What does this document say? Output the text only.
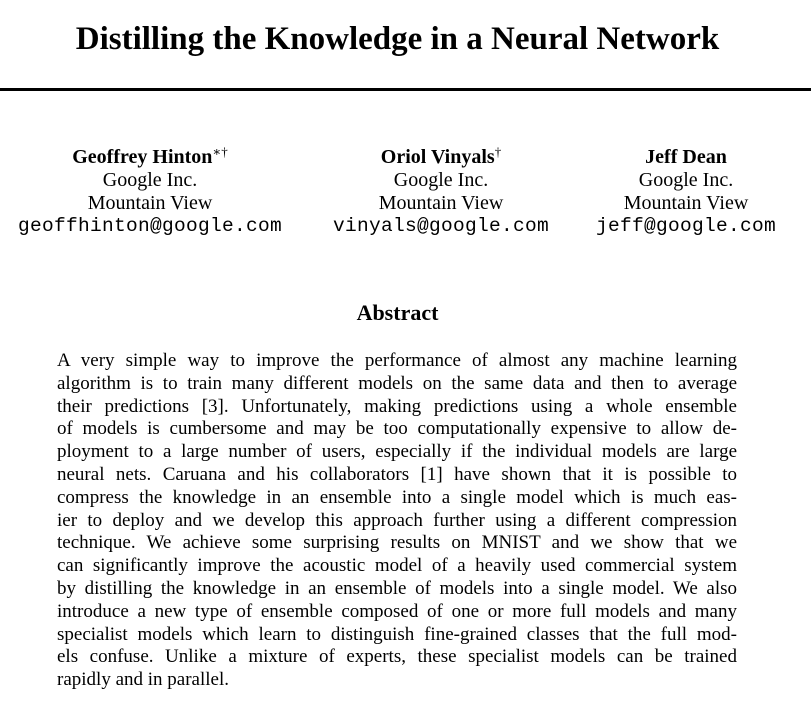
Distilling the Knowledge in a Neural Network
Geoffrey Hinton∗†
Google Inc.
Mountain View
geoffhinton@google.com
Oriol Vinyals†
Google Inc.
Mountain View
vinyals@google.com
Jeff Dean
Google Inc.
Mountain View
jeff@google.com
Abstract
A very simple way to improve the performance of almost any machine learning
algorithm is to train many different models on the same data and then to average
their predictions [3]. Unfortunately, making predictions using a whole ensemble
of models is cumbersome and may be too computationally expensive to allow de-
ployment to a large number of users, especially if the individual models are large
neural nets. Caruana and his collaborators [1] have shown that it is possible to
compress the knowledge in an ensemble into a single model which is much eas-
ier to deploy and we develop this approach further using a different compression
technique. We achieve some surprising results on MNIST and we show that we
can significantly improve the acoustic model of a heavily used commercial system
by distilling the knowledge in an ensemble of models into a single model. We also
introduce a new type of ensemble composed of one or more full models and many
specialist models which learn to distinguish fine-grained classes that the full mod-
els confuse. Unlike a mixture of experts, these specialist models can be trained
rapidly and in parallel.
